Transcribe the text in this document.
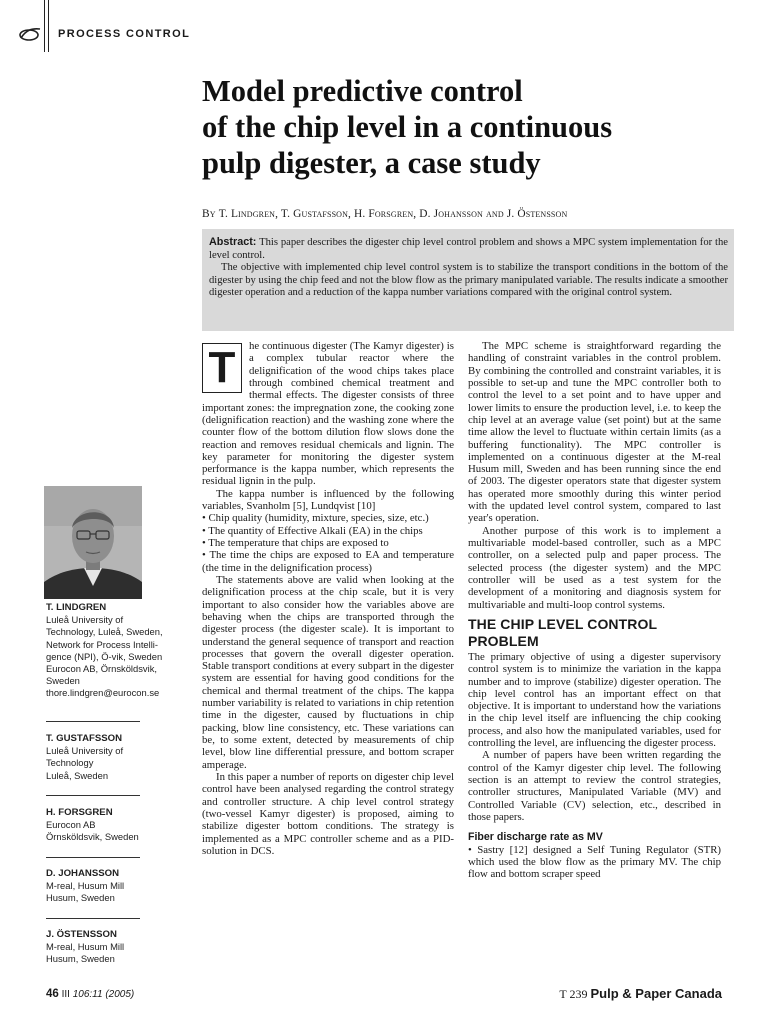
PROCESS CONTROL
Model predictive control
of the chip level in a continuous
pulp digester, a case study
By T. Lindgren, T. Gustafsson, H. Forsgren, D. Johansson and J. Östensson

Abstract: This paper describes the digester chip level control problem and shows a MPC system implementation for the level control.

The objective with implemented chip level control system is to stabilize the transport conditions in the bottom of the digester by using the chip feed and not the blow flow as the primary manipulated variable. The results indicate a smoother digester operation and a reduction of the kappa number variations compared with the original control system.

T. LINDGREN
Luleå University of
Technology, Luleå, Sweden,
Network for Process Intelli-
gence (NPI), Ö-vik, Sweden
Eurocon AB, Örnsköldsvik,
Sweden
thore.lindgren@eurocon.se
T. GUSTAFSSON
Luleå University of
Technology
Luleå, Sweden
H. FORSGREN
Eurocon AB
Örnsköldsvik, Sweden
D. JOHANSSON
M-real, Husum Mill
Husum, Sweden
J. ÖSTENSSON
M-real, Husum Mill
Husum, Sweden
T	he continuous digester (The Kamyr digester) is a complex tubular reactor where the delignification of the wood chips takes place through combined chemical treatment and thermal effects. The digester consists of three important zones: the impregnation zone, the cooking zone (delignification reaction) and the washing zone where the counter flow of the bottom dilution flow slows done the reaction and removes residual chemicals and lignin. The key parameter for monitoring the digester system performance is the kappa number, which represents the residual lignin in the pulp.

The kappa number is influenced by the following variables, Svanholm [5], Lundqvist [10]

• Chip quality (humidity, mixture, species, size, etc.)

• The quantity of Effective Alkali (EA) in the chips

• The temperature that chips are exposed to

• The time the chips are exposed to EA and temperature (the time in the delignification process)

The statements above are valid when looking at the delignification process at the chip scale, but it is very important to also consider how the variables above are behaving when the chips are transported through the digester process (the digester scale). It is important to understand the general sequence of transport and reaction processes that govern the overall digester operation. Stable transport conditions at every subpart in the digester system are essential for having good conditions for the chemical and thermal treatment of the chips. The kappa number variability is related to variations in chip retention time in the digester, caused by fluctuations in chip packing, blow line consistency, etc. These variations can be, to some extent, detected by measurements of chip level, blow line differential pressure, and bottom scraper amperage.

In this paper a number of reports on digester chip level control have been analysed regarding the control strategy and controller structure. A chip level control strategy (two-vessel Kamyr digester) is proposed, aiming to stabilize digester bottom conditions. The strategy is implemented as a MPC controller scheme and as a PID-solution in DCS.

The MPC scheme is straightforward regarding the handling of constraint variables in the control problem. By combining the controlled and constraint variables, it is possible to set-up and tune the MPC controller both to control the level to a set point and to have upper and lower limits to ensure the production level, i.e. to keep the chip level at an average value (set point) but at the same time allow the level to fluctuate within certain limits (as a buffering functionality). The MPC controller is implemented on a continuous digester at the M-real Husum mill, Sweden and has been running since the end of 2003. The digester operators state that digester system has operated more smoothly during this winter period with the updated level control system, compared to last year's operation.

Another purpose of this work is to implement a multivariable model-based controller, such as a MPC controller, on a selected pulp and paper process. The selected process (the digester system) and the MPC controller will be used as a test system for the development of a monitoring and diagnosis system for multivariable and multi-loop control systems.

THE CHIP LEVEL CONTROL PROBLEM

The primary objective of using a digester supervisory control system is to minimize the variation in the kappa number and to improve (stabilize) digester operation. The chip level control has an important effect on that objective. It is important to understand how the variations in the chip level itself are influencing the chip cooking process, and also how the manipulated variables, used for controlling the level, are influencing the digester process.

A number of papers have been written regarding the control of the Kamyr digester chip level. The following section is an attempt to review the control strategies, controller structures, Manipulated Variable (MV) and Controlled Variable (CV) selection, etc., described in those papers.

Fiber discharge rate as MV

• Sastry [12] designed a Self Tuning Regulator (STR) which used the blow flow as the primary MV. The chip flow and bottom scraper speed

46 III 106:11 (2005)	T 239 Pulp & Paper Canada
